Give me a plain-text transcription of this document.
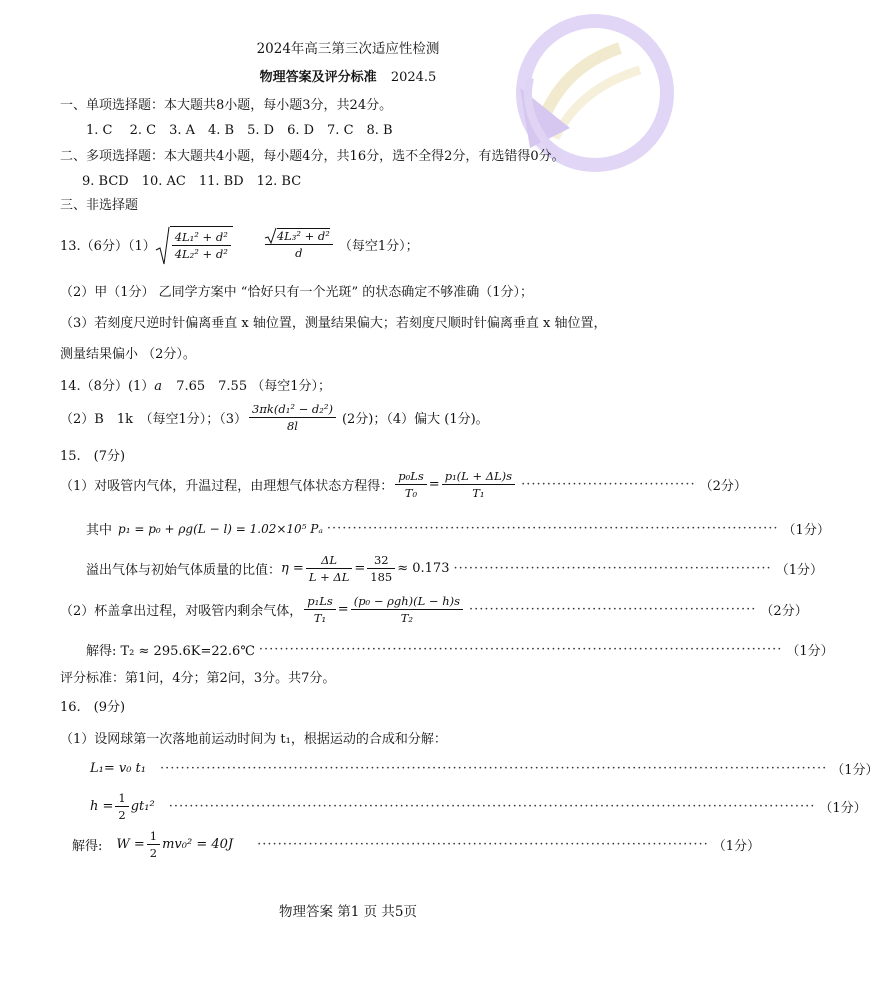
2024年高三第三次适应性检测
物理答案及评分标准 2024.5
一、单项选择题：本大题共8小题，每小题3分，共24分。
1. C　 2. C　3. A　4. B　5. D　6. D　7. C　8. B
二、多项选择题：本大题共4小题，每小题4分，共16分，选不全得2分，有选错得0分。
9. BCD　10. AC　11. BD　12. BC
三、非选择题
13.（6分）$(1) \frac{\text{4L₁² + d²}}{\text{4L₂² + d²}}$	$\frac{\text{4L₃² + d²}}{d}$ （每空1分）；
（2）甲（1分） 乙同学方案中 “恰好只有一个光斑” 的状态确定不够准确（1分）；
（3）若刻度尺逆时针偏离垂直 x 轴位置，测量结果偏大；若刻度尺顺时针偏离垂直 x 轴位置，
测量结果偏小 （2分）。
14.（8分）(1）a 7.65　7.55 （每空1分）；
（2）B　1k　（每空1分）；$(3) \frac{\text{3πk(d₁² − d₂²)}}{8l} (2$分)；（4）偏大 (1分)。
15.　(7分)
（1）对吸管内气体，升温过程，由理想气体状态方程得： $\frac{\text{p₀Ls}}{\text{T₀}} = \frac{\text{p₁(L + ΔL)s}}{\text{T₁}}$ ·································· （2分）
其中 p₁ = p₀ + ρg(L − l) = 1.02×10⁵ Pₐ ························································································ （1分）
溢出气体与初始气体质量的比值： $\eta = \frac{\Delta L}{L + \Delta L} = \frac{32}{185} \approx 0.173$ ······························································ （1分）
（2）杯盖拿出过程，对吸管内剩余气体， $\frac{\text{p₁Ls}}{\text{T₁}} = \frac{\text{(p₀ − ρgh)(L − h)s}}{\text{T₂}}$ ························································ （2分）
解得: T₂ ≈ 295.6K=22.6℃ ······································································································ （1分）
评分标准：第1问，4分；第2问，3分。共7分。
16.　(9分)
（1）设网球第一次落地前运动时间为 t₁，根据运动的合成和分解：
L₁= v₀ t₁ ·································································································································· （1分）
$h = \frac{1}{2} gt_1^2$ ······························································································································ （1分）
解得: $W = \frac{1}{2} mv_0^2 = 40J$ ························································································ （1分）
物理答案 第1 页 共5页
